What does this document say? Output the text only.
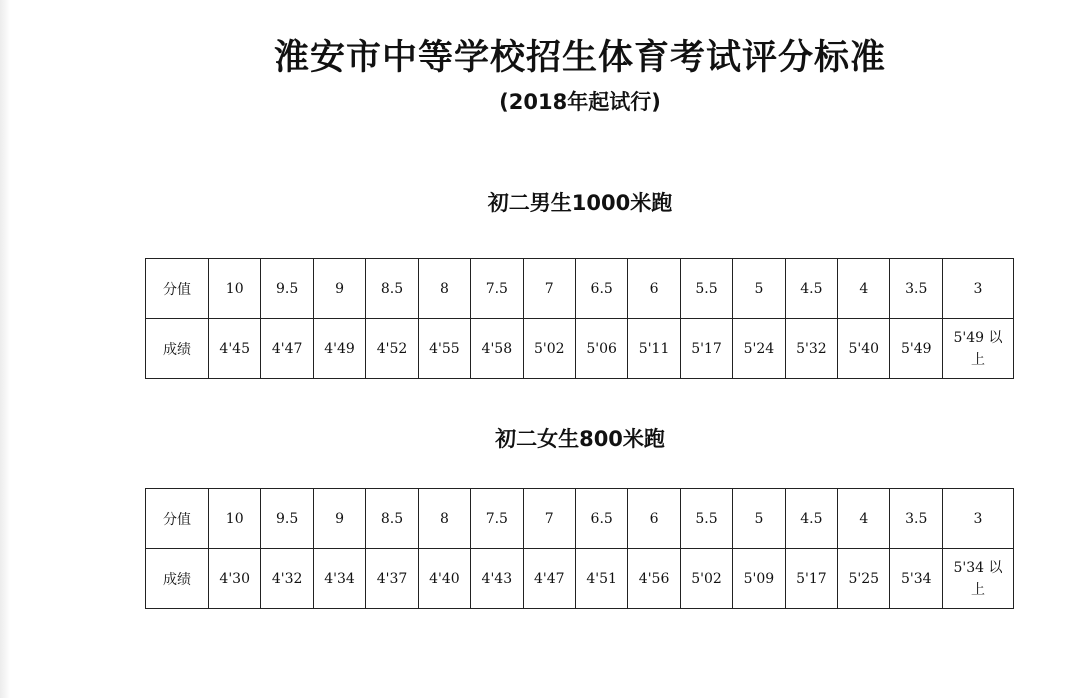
淮安市中等学校招生体育考试评分标准
(2018年起试行)
初二男生1000米跑
分值	10	9.5	9	8.5	8	7.5	7	6.5	6	5.5	5	4.5	4	3.5	3
成绩	4'45	4'47	4'49	4'52	4'55	4'58	5'02	5'06	5'11	5'17	5'24	5'32	5'40	5'49	5'49 以上
初二女生800米跑
分值	10	9.5	9	8.5	8	7.5	7	6.5	6	5.5	5	4.5	4	3.5	3
成绩	4'30	4'32	4'34	4'37	4'40	4'43	4'47	4'51	4'56	5'02	5'09	5'17	5'25	5'34	5'34 以上
